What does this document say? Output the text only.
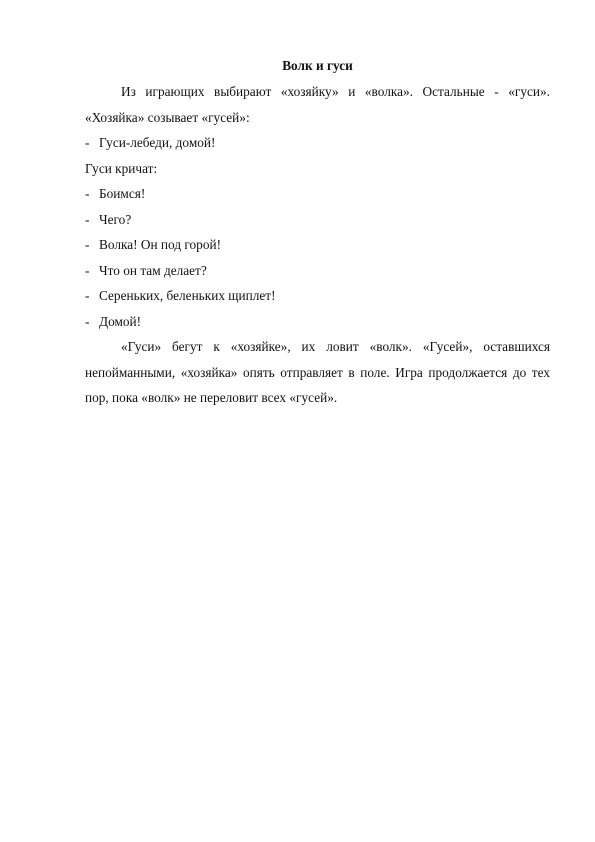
Волк и гуси

Из играющих выбирают «хозяйку» и «волка». Остальные - «гуси». «Хозяйка» созывает «гусей»:

- Гуси-лебеди, домой!

Гуси кричат:

- Боимся!

- Чего?

- Волка! Он под горой!

- Что он там делает?

- Сереньких, беленьких щиплет!

- Домой!

«Гуси» бегут к «хозяйке», их ловит «волк». «Гусей», оставшихся непойманными, «хозяйка» опять отправляет в поле. Игра продолжается до тех пор, пока «волк» не переловит всех «гусей».
